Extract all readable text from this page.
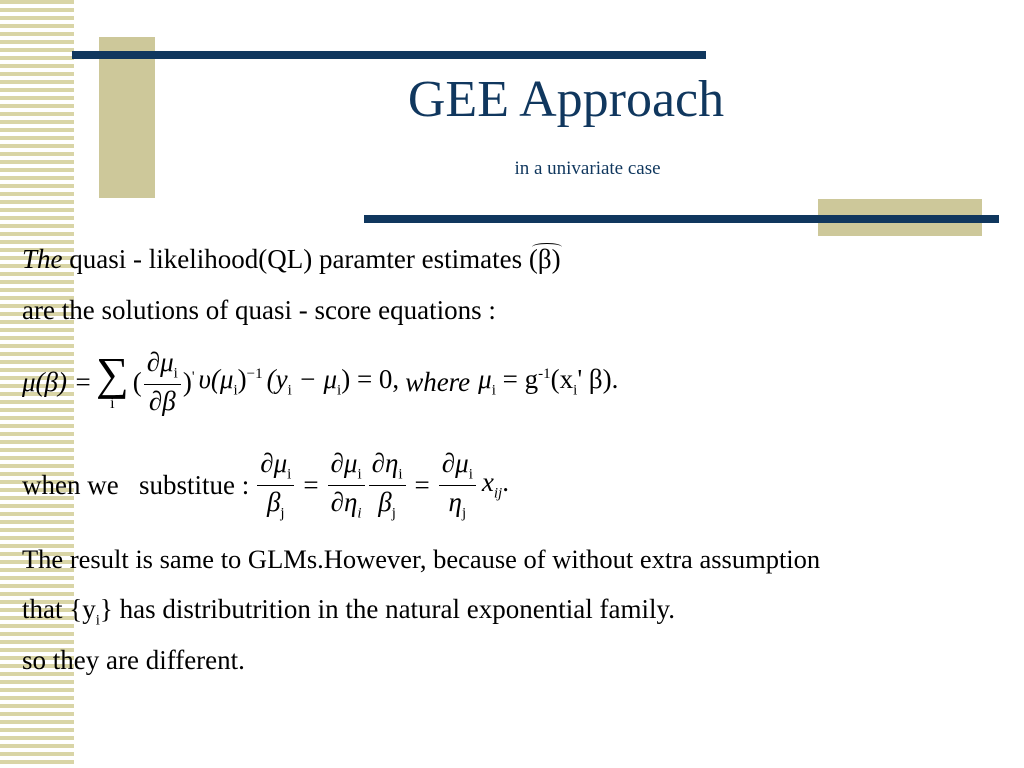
GEE Approach
in a univariate case
The quasi - likelihood(QL) paramter estimates (β)
are the solutions of quasi - score equations :
μ(β) = ∑
i
( $\frac{\partial\mu_i}{\partial\beta} )'$ $\upsilon(\mu_i)^{-1}$ $(y_i - \mu_i) = 0$, where $\mu_i = g^{-1}(x_i'$ β).
when we   substitue : $\frac{\partial\mu_i}{\beta_j} = \frac{\partial\mu_i}{\partial\eta_i} \frac{\partial\eta_i}{\beta_j} = \frac{\partial\mu_i}{\eta_j} x_{ij}$.
The result is same to GLMs.However, because of without extra assumption
that $\{y_i\}$ has distributrition in the natural exponential family.
so they are different.
